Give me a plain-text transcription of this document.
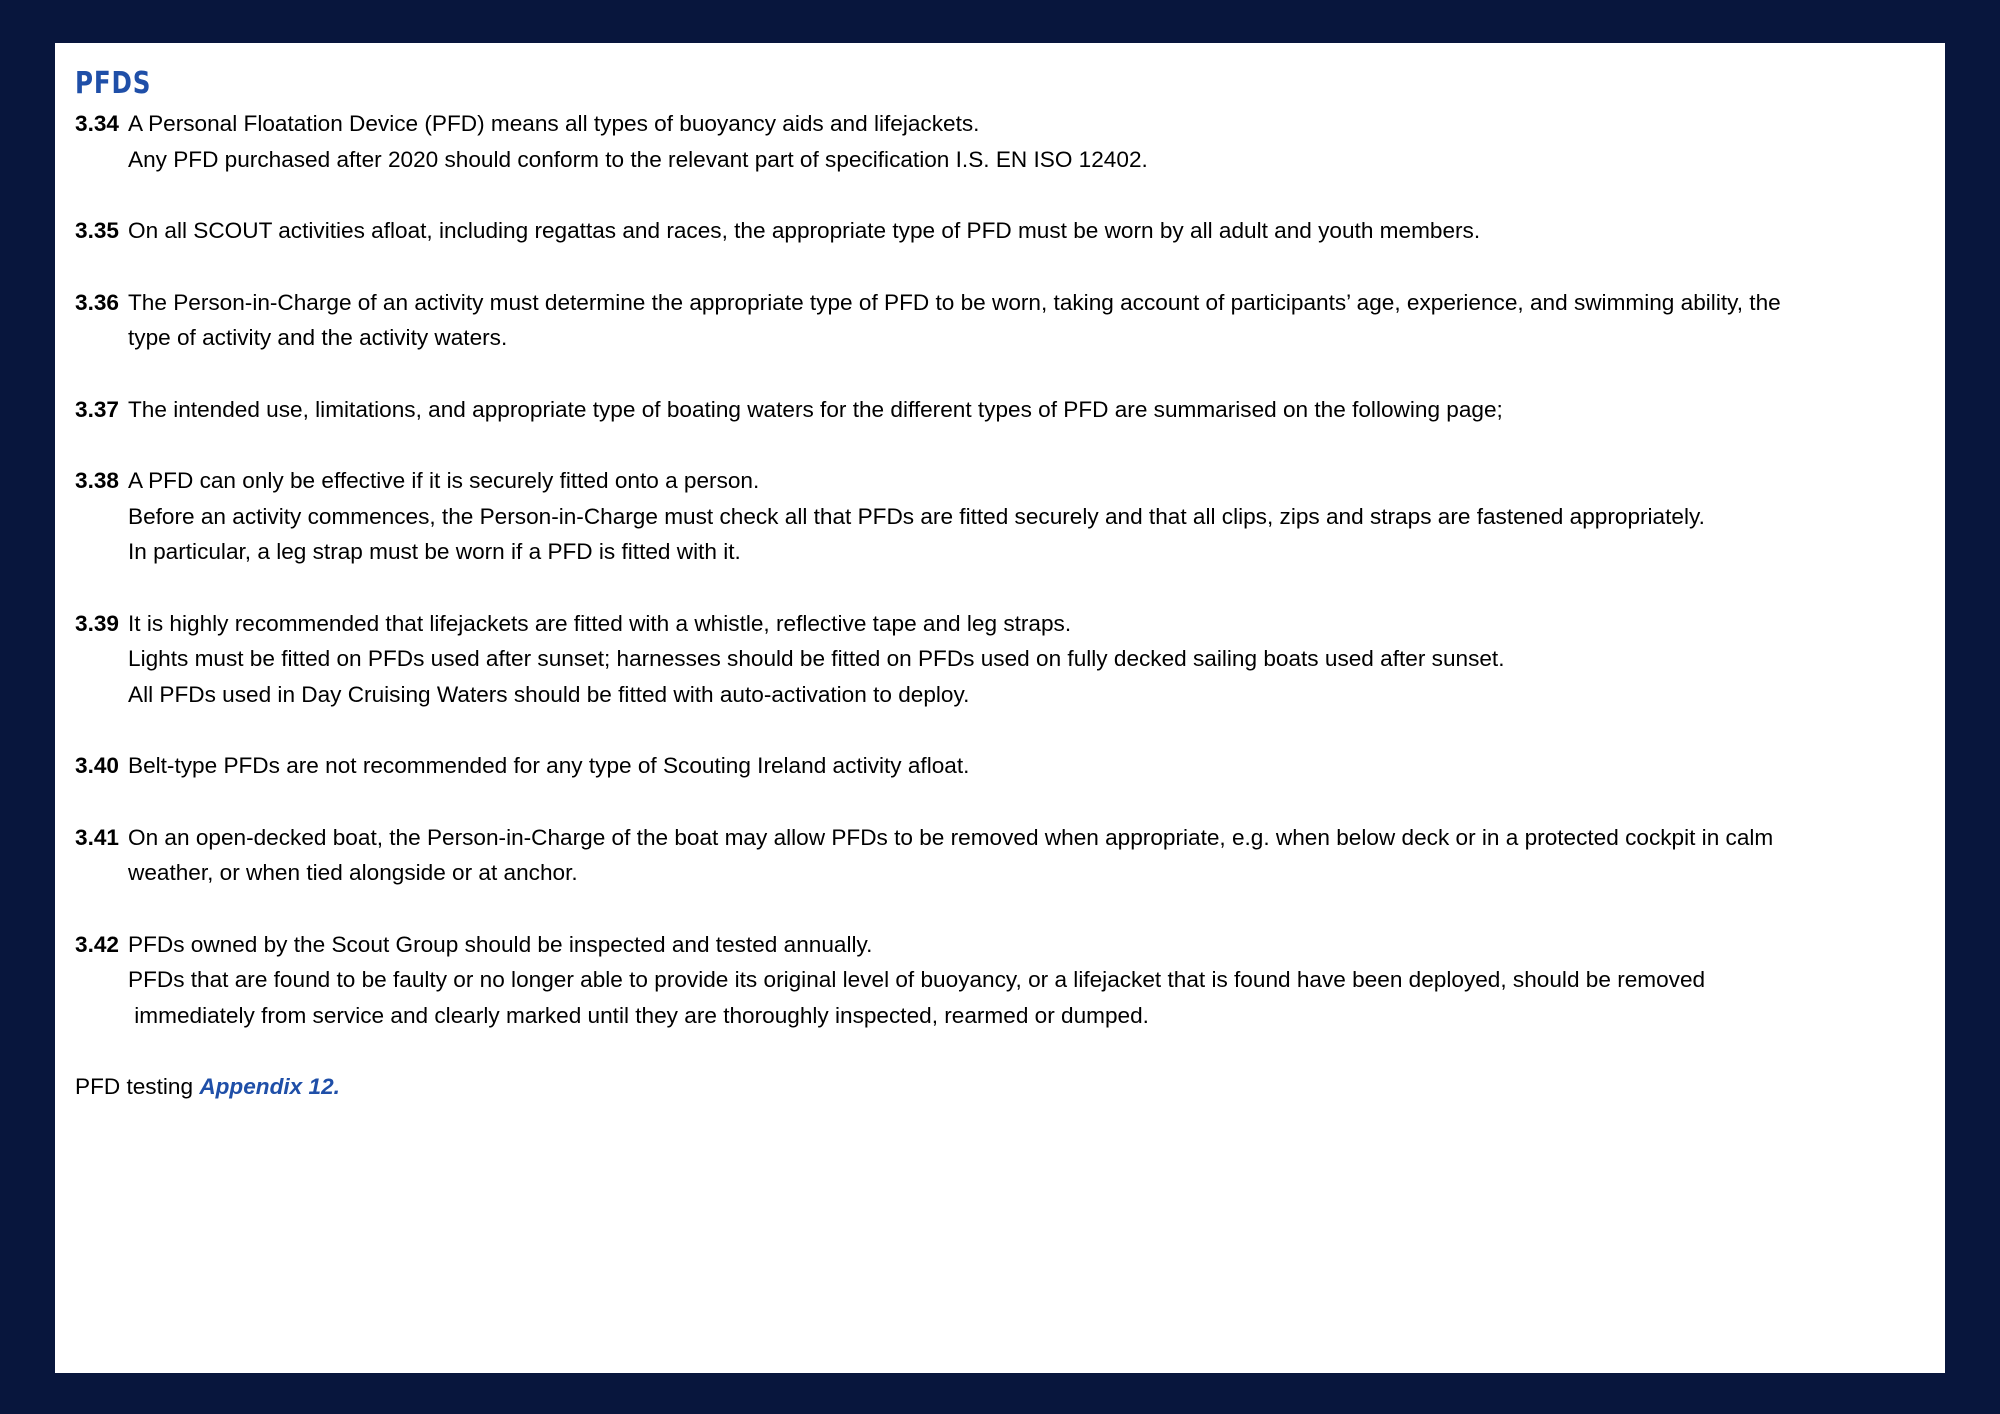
PFDS
3.34 A Personal Floatation Device (PFD) means all types of buoyancy aids and lifejackets.
Any PFD purchased after 2020 should conform to the relevant part of specification I.S. EN ISO 12402.
3.35 On all SCOUT activities afloat, including regattas and races, the appropriate type of PFD must be worn by all adult and youth members.
3.36 The Person-in-Charge of an activity must determine the appropriate type of PFD to be worn, taking account of participants’ age, experience, and swimming ability, the
type of activity and the activity waters.
3.37 The intended use, limitations, and appropriate type of boating waters for the different types of PFD are summarised on the following page;
3.38 A PFD can only be effective if it is securely fitted onto a person.
Before an activity commences, the Person-in-Charge must check all that PFDs are fitted securely and that all clips, zips and straps are fastened appropriately.
In particular, a leg strap must be worn if a PFD is fitted with it.
3.39 It is highly recommended that lifejackets are fitted with a whistle, reflective tape and leg straps.
Lights must be fitted on PFDs used after sunset; harnesses should be fitted on PFDs used on fully decked sailing boats used after sunset.
All PFDs used in Day Cruising Waters should be fitted with auto-activation to deploy.
3.40 Belt-type PFDs are not recommended for any type of Scouting Ireland activity afloat.
3.41 On an open-decked boat, the Person-in-Charge of the boat may allow PFDs to be removed when appropriate, e.g. when below deck or in a protected cockpit in calm
weather, or when tied alongside or at anchor.
3.42 PFDs owned by the Scout Group should be inspected and tested annually.
PFDs that are found to be faulty or no longer able to provide its original level of buoyancy, or a lifejacket that is found have been deployed, should be removed
immediately from service and clearly marked until they are thoroughly inspected, rearmed or dumped.

PFD testing Appendix 12.
